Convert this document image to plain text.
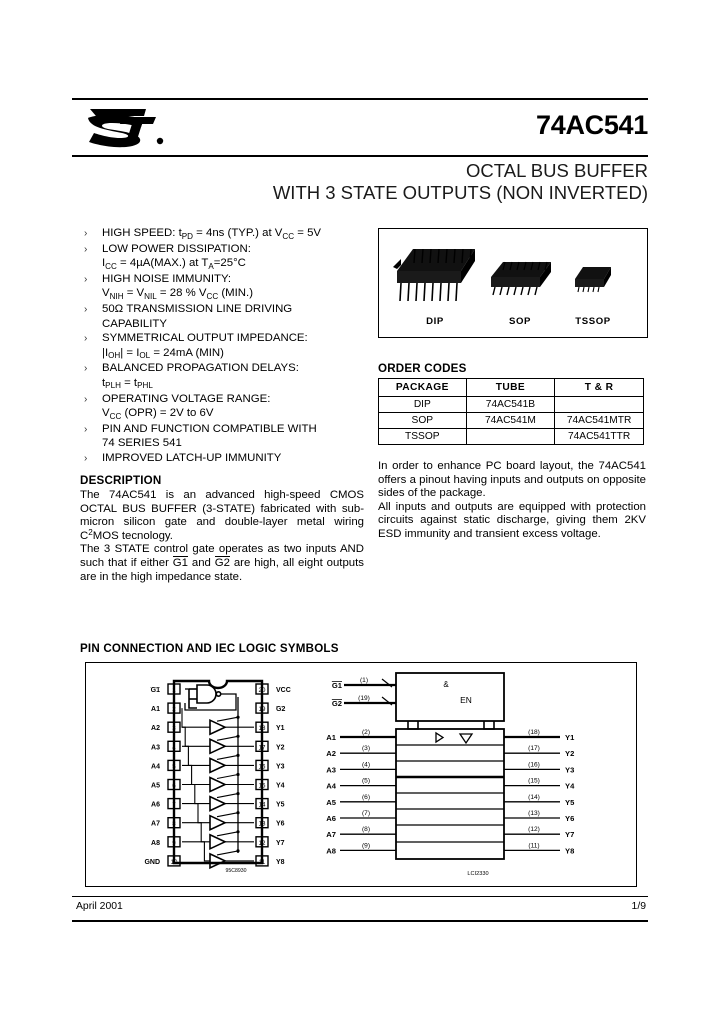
74AC541
OCTAL BUS BUFFER
WITH 3 STATE OUTPUTS (NON INVERTED)
› HIGH SPEED: $t_{PD} = 4ns$ (TYP.) at $V_{CC} = 5V$
› LOW POWER DISSIPATION:
$I_{CC} = 4\mu A(MAX.)$ at $T_A=25^\circ C$
› HIGH NOISE IMMUNITY:
$V_{NIH} = V_{NIL} = 28$ % $V_{CC}$ (MIN.)
› 50Ω TRANSMISSION LINE DRIVING
CAPABILITY
› SYMMETRICAL OUTPUT IMPEDANCE:
$|I_{OH}| = I_{OL} = 24mA$ (MIN)
› BALANCED PROPAGATION DELAYS:
$t_{PLH} = t_{PHL}$
› OPERATING VOLTAGE RANGE:
$V_{CC}$ (OPR) = 2V to 6V
› PIN AND FUNCTION COMPATIBLE WITH
74 SERIES 541
› IMPROVED LATCH-UP IMMUNITY
DESCRIPTION
The 74AC541 is an advanced high-speed CMOS OCTAL BUS BUFFER (3-STATE) fabricated with sub-micron silicon gate and double-layer metal wiring $C^2MOS$ tecnology.
The 3 STATE control gate operates as two inputs AND such that if either G1 and G2 are high, all eight outputs are in the high impedance state.
DIP	SOP	TSSOP
ORDER CODES
PACKAGE	TUBE	T & R
DIP	74AC541B	
SOP	74AC541M	74AC541MTR
TSSOP		74AC541TTR

In order to enhance PC board layout, the 74AC541 offers a pinout having inputs and outputs on opposite sides of the package.

All inputs and outputs are equipped with protection circuits against static discharge, giving them 2KV ESD immunity and transient excess voltage.

PIN CONNECTION AND IEC LOGIC SYMBOLS
1
G1
2
A1
3
A2
4
A3
5
A4
6
A5
7
A6
8
A7
9
A8
10
GND
20 VCC
19 G2
18 Y1
17 Y2
16 Y3
15 Y4
14 Y5
13 Y6
12 Y7
11 Y8
95C8930
&
EN
G1
(1)
G2
(19)
A1
(2)
A2
(3)
A3
(4)
A4
(5)
A5
(6)
A6
(7)
A7
(8)
A8
(9)
Y1
(18)
Y2
(17)
Y3
(16)
Y4
(15)
Y5
(14)
Y6
(13)
Y7
(12)
Y8
(11)
LCI2330
April 2001	1/9
